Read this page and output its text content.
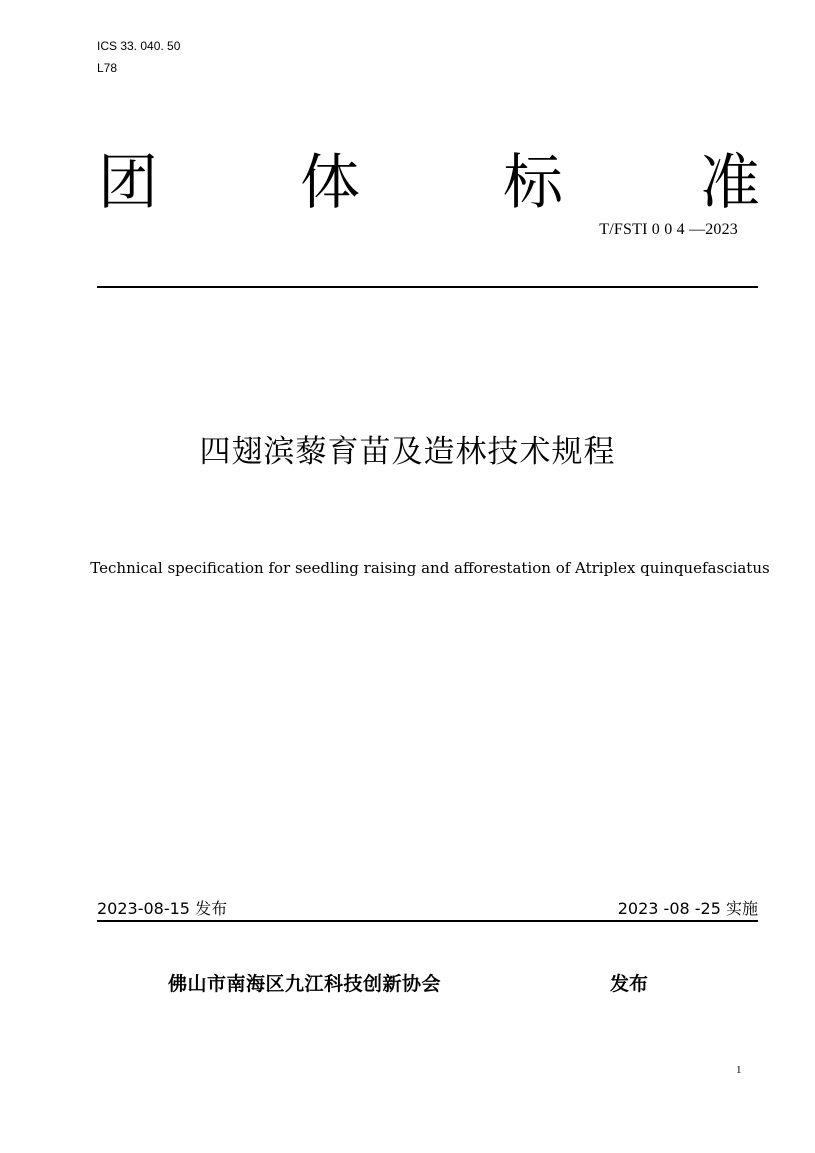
ICS 33. 040. 50
L78
团 体 标 准
T/FSTI 0 0 4 —2023
四翅滨藜育苗及造林技术规程
Technical specification for seedling raising and afforestation of Atriplex quinquefasciatus
2023-08-15 发布	2023 -08 -25 实施
佛山市南海区九江科技创新协会	发布
1
